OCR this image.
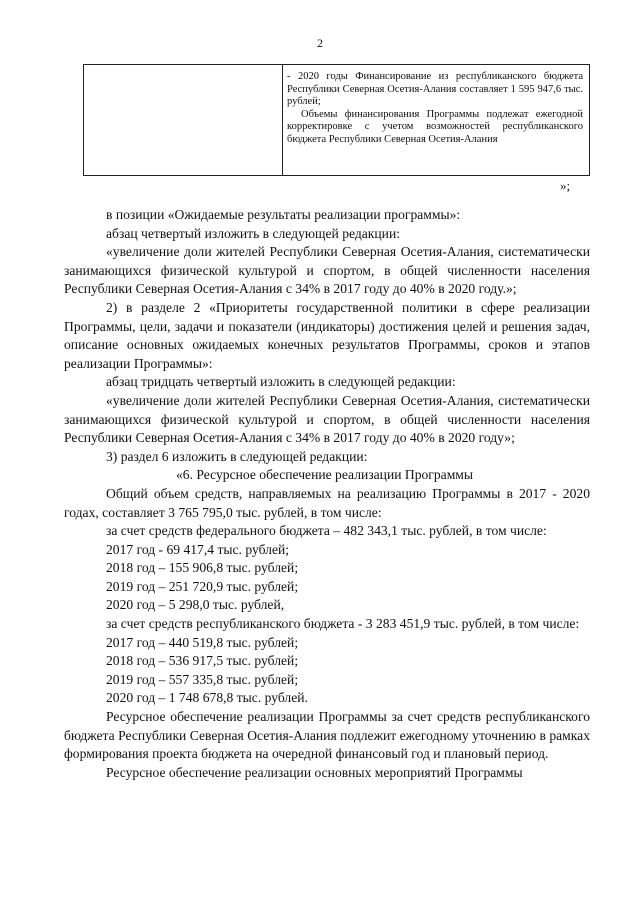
2

- 2020 годы Финансирование из республиканского бюджета Республики Северная Осетия-Алания составляет 1 595 947,6 тыс. рублей;

Объемы финансирования Программы подлежат ежегодной корректировке с учетом возможностей республиканского бюджета Республики Северная Осетия-Алания

»;

в позиции «Ожидаемые результаты реализации программы»:

абзац четвертый изложить в следующей редакции:

«увеличение доли жителей Республики Северная Осетия-Алания, систематически занимающихся физической культурой и спортом, в общей численности населения Республики Северная Осетия-Алания с 34% в 2017 году до 40% в 2020 году.»;

2) в разделе 2 «Приоритеты государственной политики в сфере реализации Программы, цели, задачи и показатели (индикаторы) достижения целей и решения задач, описание основных ожидаемых конечных результатов Программы, сроков и этапов реализации Программы»:

абзац тридцать четвертый изложить в следующей редакции:

«увеличение доли жителей Республики Северная Осетия-Алания, систематически занимающихся физической культурой и спортом, в общей численности населения Республики Северная Осетия-Алания с 34% в 2017 году до 40% в 2020 году»;

3) раздел 6 изложить в следующей редакции:

«6. Ресурсное обеспечение реализации Программы

Общий объем средств, направляемых на реализацию Программы в 2017 - 2020 годах, составляет 3 765 795,0 тыс. рублей, в том числе:

за счет средств федерального бюджета – 482 343,1 тыс. рублей, в том числе:

2017 год - 69 417,4 тыс. рублей;

2018 год – 155 906,8 тыс. рублей;

2019 год – 251 720,9 тыс. рублей;

2020 год – 5 298,0 тыс. рублей,

за счет средств республиканского бюджета - 3 283 451,9 тыс. рублей, в том числе:

2017 год – 440 519,8 тыс. рублей;

2018 год – 536 917,5 тыс. рублей;

2019 год – 557 335,8 тыс. рублей;

2020 год – 1 748 678,8 тыс. рублей.

Ресурсное обеспечение реализации Программы за счет средств республиканского бюджета Республики Северная Осетия-Алания подлежит ежегодному уточнению в рамках формирования проекта бюджета на очередной финансовый год и плановый период.

Ресурсное обеспечение реализации основных мероприятий Программы
